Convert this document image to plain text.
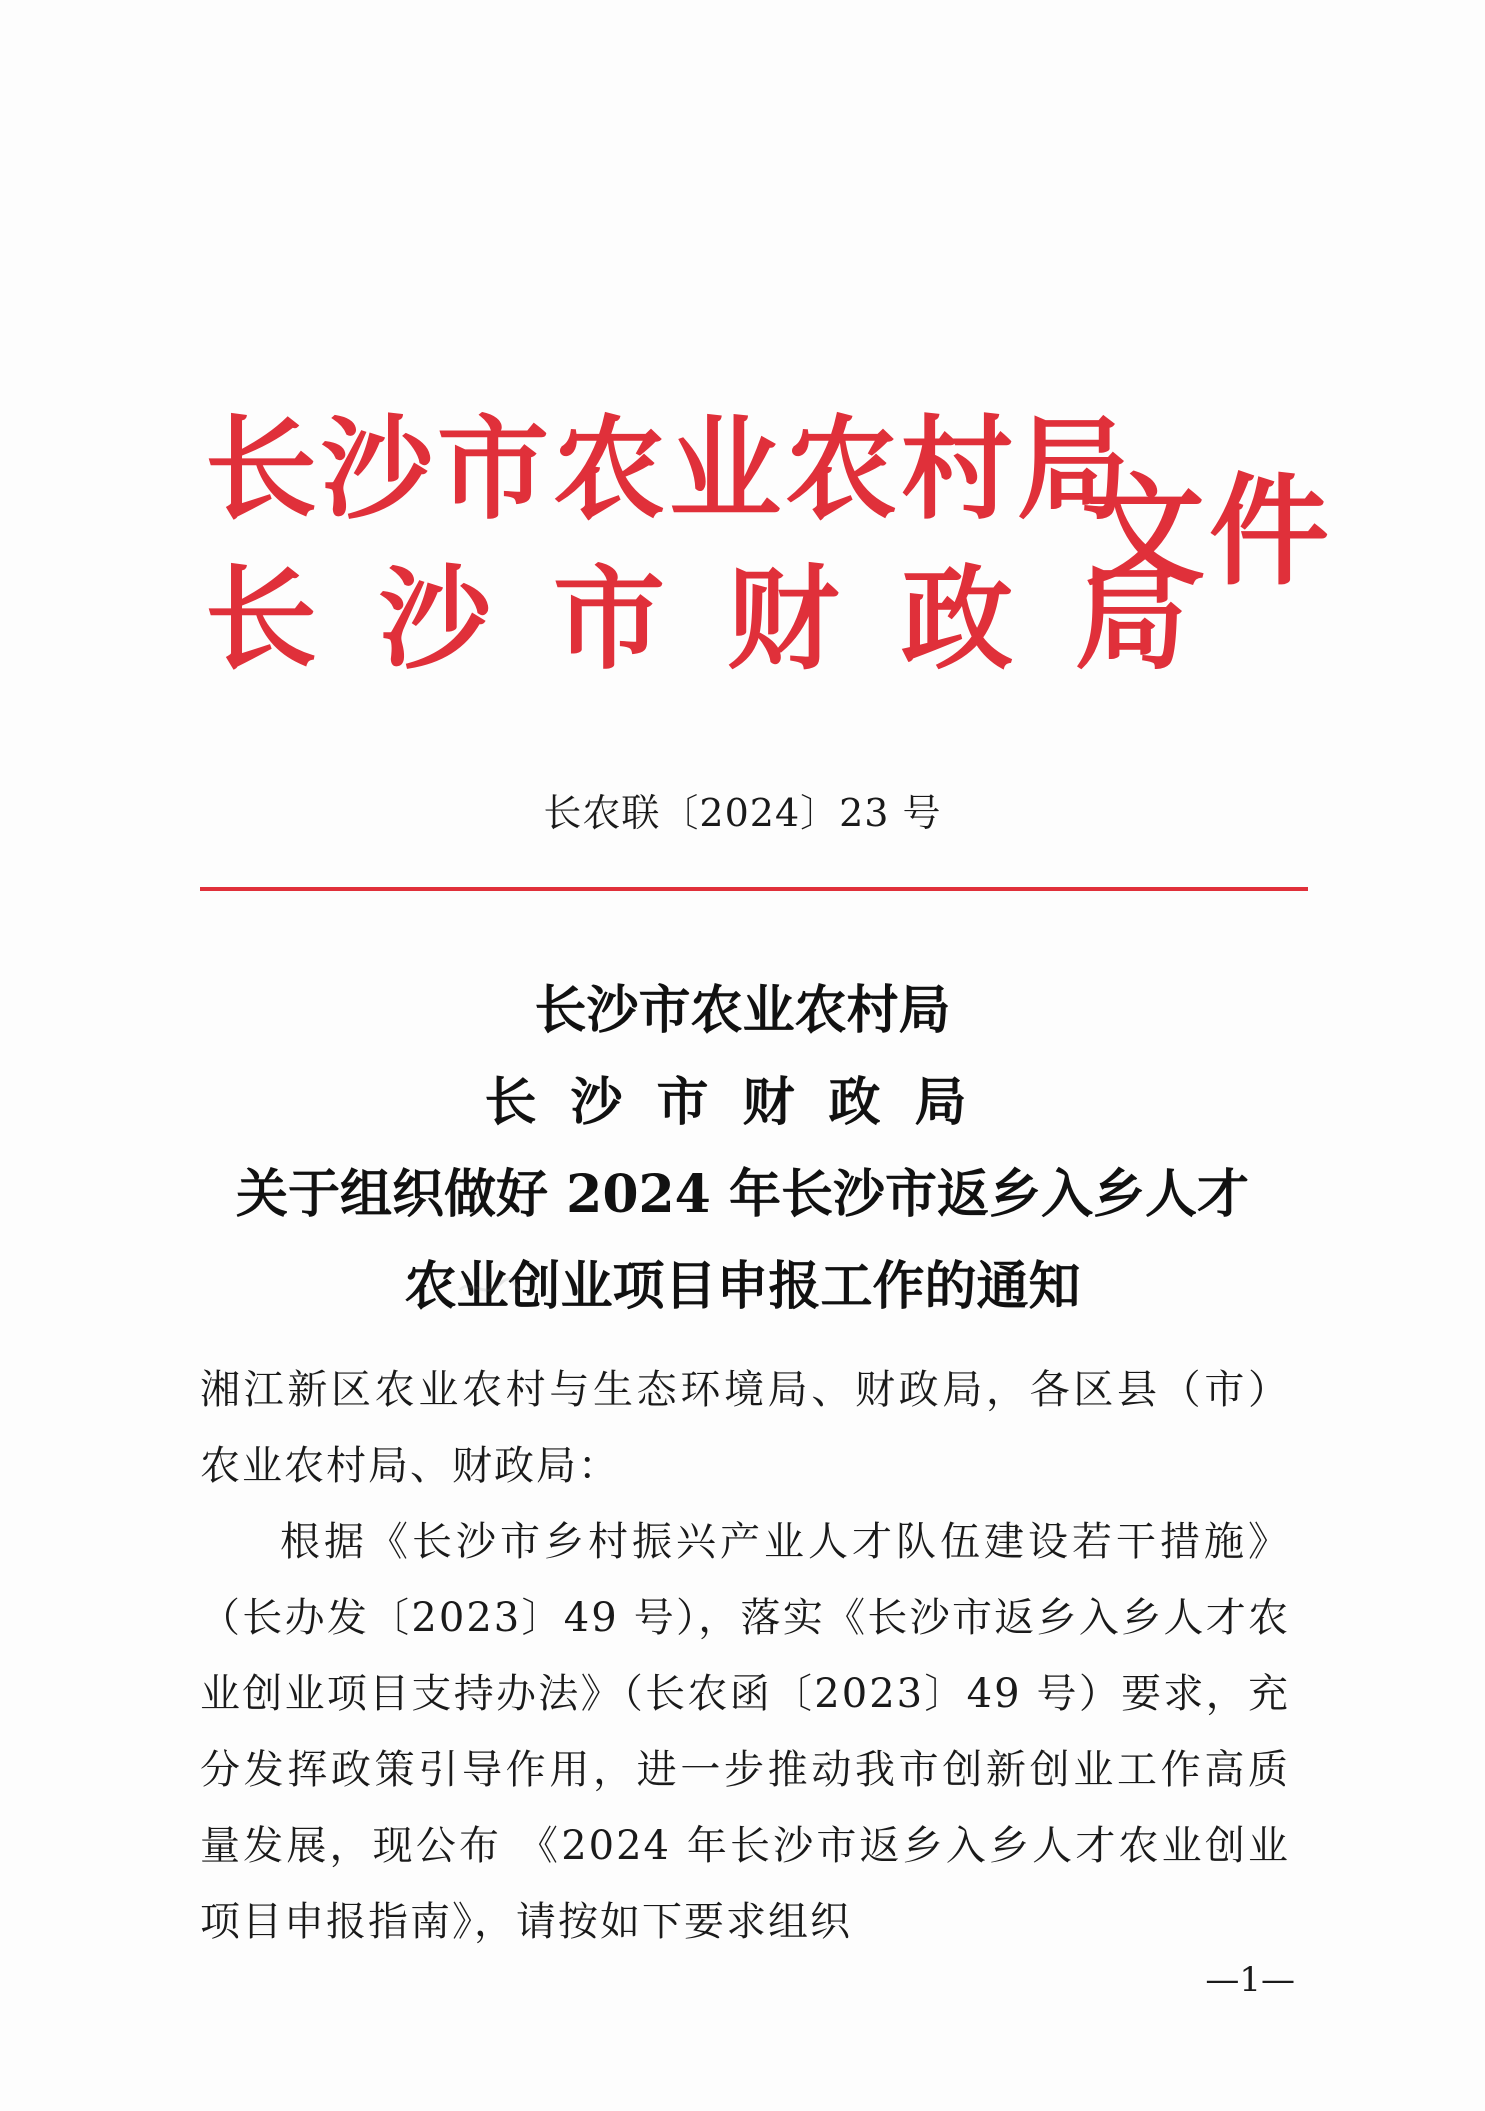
长沙市农业农村局
长沙市财政局
文件
长农联〔2024〕23 号
长沙市农业农村局
长沙市财政局
关于组织做好 2024 年长沙市返乡入乡人才
农业创业项目申报工作的通知

湘江新区农业农村与生态环境局、财政局，各区县（市）农业农村局、财政局：

根据《长沙市乡村振兴产业人才队伍建设若干措施》（长办发〔2023〕49 号），落实《长沙市返乡入乡人才农业创业项目支持办法》（长农函〔2023〕49 号）要求，充分发挥政策引导作用，进一步推动我市创新创业工作高质量发展，现公布 《2024 年长沙市返乡入乡人才农业创业项目申报指南》，请按如下要求组织

—1—
